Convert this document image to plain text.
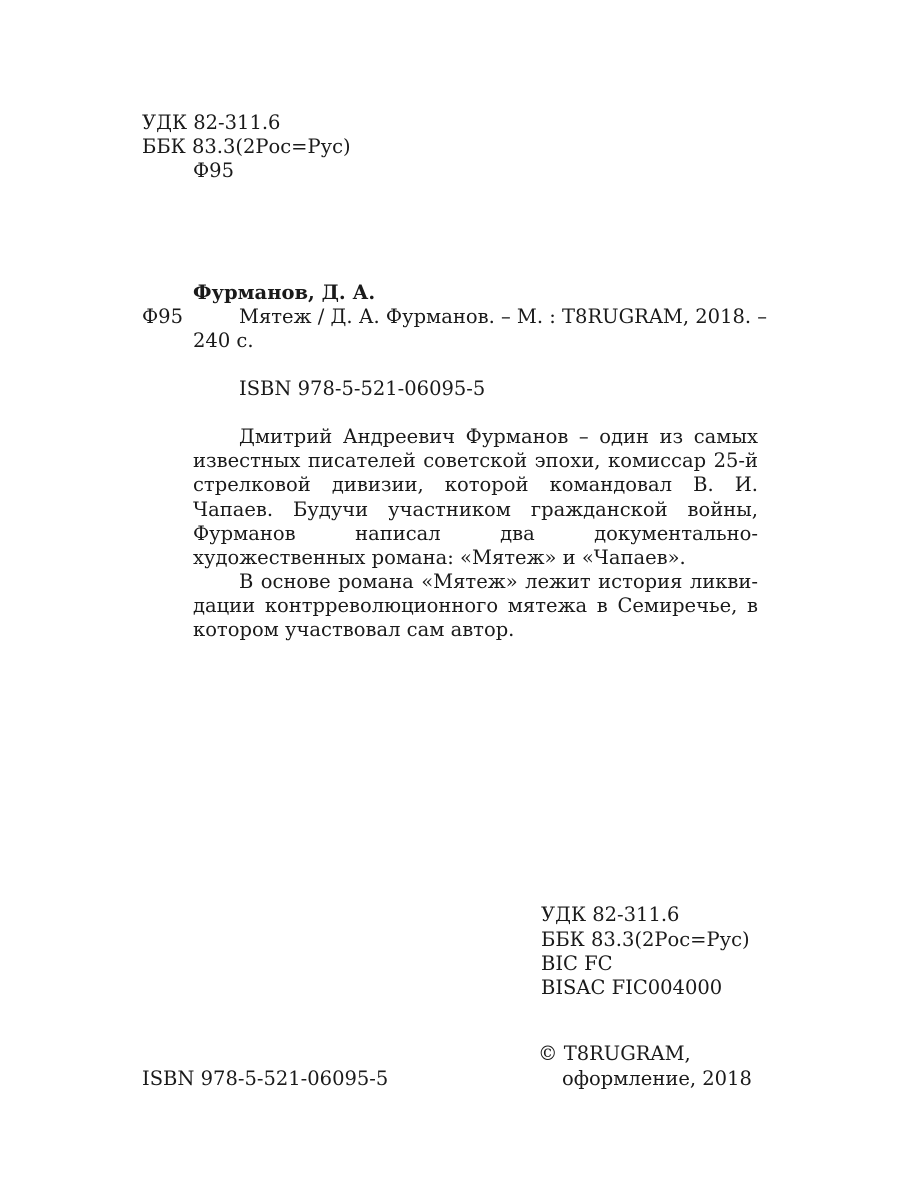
УДК 82-311.6
ББК 83.3(2Рос=Рус)
Ф95
Фурманов, Д. А.
Ф95	Мятеж / Д. А. Фурманов. – М. : T8RUGRAM, 2018. –
240 с.
ISBN 978-5-521-06095-5
Дмитрий Андреевич Фурманов – один из самых известных писателей советской эпохи, комиссар 25-й стрелковой дивизии, которой командовал В. И. Чапаев. Будучи участником гражданской войны, Фурманов написал два документально-художественных романа: «Мятеж» и «Чапаев».
В основе романа «Мятеж» лежит история ликви- дации контрреволюционного мятежа в Семиречье, в котором участвовал сам автор.
УДК 82-311.6
ББК 83.3(2Рос=Рус)
BIC FC
BISAC FIC004000
© T8RUGRAM,
ISBN 978-5-521-06095-5	оформление, 2018
